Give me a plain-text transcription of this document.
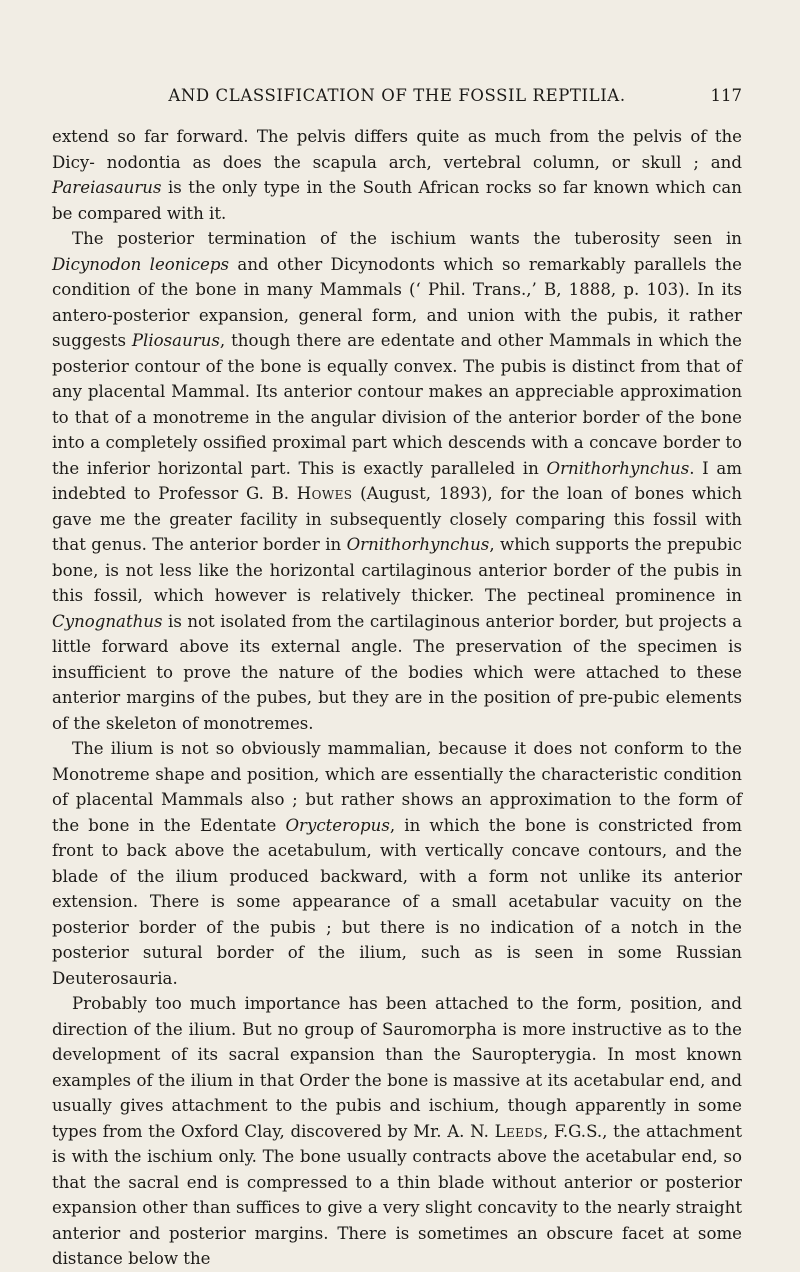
AND CLASSIFICATION OF THE FOSSIL REPTILIA.	117

extend so far forward. The pelvis differs quite as much from the pelvis of the Dicy- nodontia as does the scapula arch, vertebral column, or skull ; and Pareiasaurus is the only type in the South African rocks so far known which can be compared with it.

The posterior termination of the ischium wants the tuberosity seen in Dicynodon leoniceps and other Dicynodonts which so remarkably parallels the condition of the bone in many Mammals (‘ Phil. Trans.,’ B, 1888, p. 103). In its antero-posterior expansion, general form, and union with the pubis, it rather suggests Pliosaurus, though there are edentate and other Mammals in which the posterior contour of the bone is equally convex. The pubis is distinct from that of any placental Mammal. Its anterior contour makes an appreciable approximation to that of a monotreme in the angular division of the anterior border of the bone into a completely ossified proximal part which descends with a concave border to the inferior horizontal part. This is exactly paralleled in Ornithorhynchus. I am indebted to Professor G. B. Howes (August, 1893), for the loan of bones which gave me the greater facility in subsequently closely comparing this fossil with that genus. The anterior border in Ornithorhynchus, which supports the prepubic bone, is not less like the horizontal cartilaginous anterior border of the pubis in this fossil, which however is relatively thicker. The pectineal prominence in Cynognathus is not isolated from the cartilaginous anterior border, but projects a little forward above its external angle. The preservation of the specimen is insufficient to prove the nature of the bodies which were attached to these anterior margins of the pubes, but they are in the position of pre-pubic elements of the skeleton of monotremes.

The ilium is not so obviously mammalian, because it does not conform to the Monotreme shape and position, which are essentially the characteristic condition of placental Mammals also ; but rather shows an approximation to the form of the bone in the Edentate Orycteropus, in which the bone is constricted from front to back above the acetabulum, with vertically concave contours, and the blade of the ilium produced backward, with a form not unlike its anterior extension. There is some appearance of a small acetabular vacuity on the posterior border of the pubis ; but there is no indication of a notch in the posterior sutural border of the ilium, such as is seen in some Russian Deuterosauria.

Probably too much importance has been attached to the form, position, and direction of the ilium. But no group of Sauromorpha is more instructive as to the development of its sacral expansion than the Sauropterygia. In most known examples of the ilium in that Order the bone is massive at its acetabular end, and usually gives attachment to the pubis and ischium, though apparently in some types from the Oxford Clay, discovered by Mr. A. N. Leeds, F.G.S., the attachment is with the ischium only. The bone usually contracts above the acetabular end, so that the sacral end is compressed to a thin blade without anterior or posterior expansion other than suffices to give a very slight concavity to the nearly straight anterior and posterior margins. There is sometimes an obscure facet at some distance below the
